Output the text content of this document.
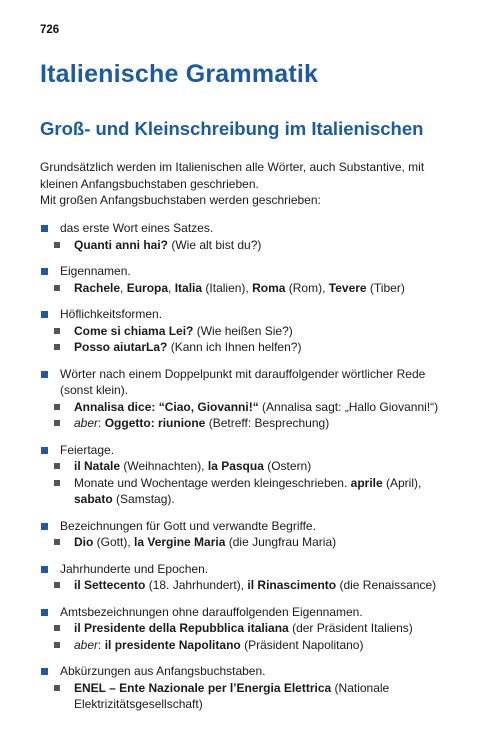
726
Italienische Grammatik
Groß- und Kleinschreibung im Italienischen

Grundsätzlich werden im Italienischen alle Wörter, auch Substantive, mit kleinen Anfangsbuchstaben geschrieben.

Mit großen Anfangsbuchstaben werden geschrieben:

das erste Wort eines Satzes.
Quanti anni hai? (Wie alt bist du?)
Eigennamen.
Rachele, Europa, Italia (Italien), Roma (Rom), Tevere (Tiber)
Höflichkeitsformen.
Come si chiama Lei? (Wie heißen Sie?)
Posso aiutarLa? (Kann ich Ihnen helfen?)
Wörter nach einem Doppelpunkt mit darauffolgender wörtlicher Rede (sonst klein).
Annalisa dice: “Ciao, Giovanni!“ (Annalisa sagt: „Hallo Giovanni!“)
aber: Oggetto: riunione (Betreff: Besprechung)
Feiertage.
il Natale (Weihnachten), la Pasqua (Ostern)
Monate und Wochentage werden kleingeschrieben. aprile (April), sabato (Samstag).
Bezeichnungen für Gott und verwandte Begriffe.
Dio (Gott), la Vergine Maria (die Jungfrau Maria)
Jahrhunderte und Epochen.
il Settecento (18. Jahrhundert), il Rinascimento (die Renaissance)
Amtsbezeichnungen ohne darauffolgenden Eigennamen.
il Presidente della Repubblica italiana (der Präsident Italiens)
aber: il presidente Napolitano (Präsident Napolitano)
Abkürzungen aus Anfangsbuchstaben.
ENEL – Ente Nazionale per l’Energia Elettrica (Nationale Elektrizitätsgesellschaft)
